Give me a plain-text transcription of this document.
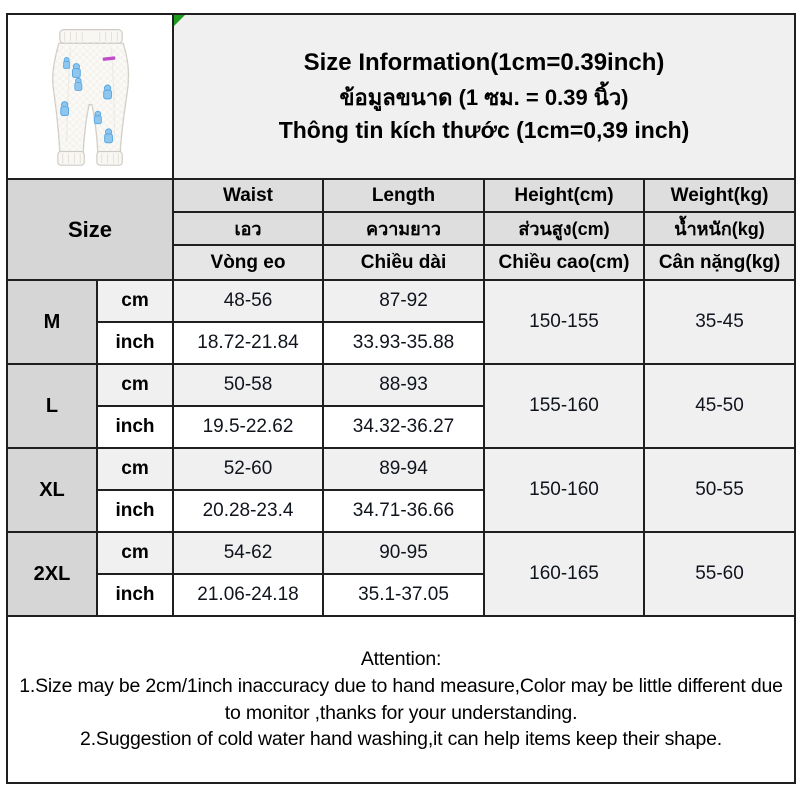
Size Information(1cm=0.39inch)
ข้อมูลขนาด (1 ซม. = 0.39 นิ้ว)
Thông tin kích thước (1cm=0,39 inch)			

Size		Waist	Length	Height(cm)	Weight(kg)
		เอว	ความยาว	ส่วนสูง(cm)	น้ำหนัก(kg)
		Vòng eo	Chiều dài	Chiều cao(cm)	Cân nặng(kg)
M	cm	48-56	87-92	150-155	35-45
	inch	18.72-21.84	33.93-35.88		
L	cm	50-58	88-93	155-160	45-50
	inch	19.5-22.62	34.32-36.27		
XL	cm	52-60	89-94	150-160	50-55
	inch	20.28-23.4	34.71-36.66		
2XL	cm	54-62	90-95	160-165	55-60
	inch	21.06-24.18	35.1-37.05		

Attention:
1.Size may be 2cm/1inch inaccuracy due to hand measure,Color may be little different due to monitor ,thanks for your understanding.
2.Suggestion of cold water hand washing,it can help items keep their shape.					
